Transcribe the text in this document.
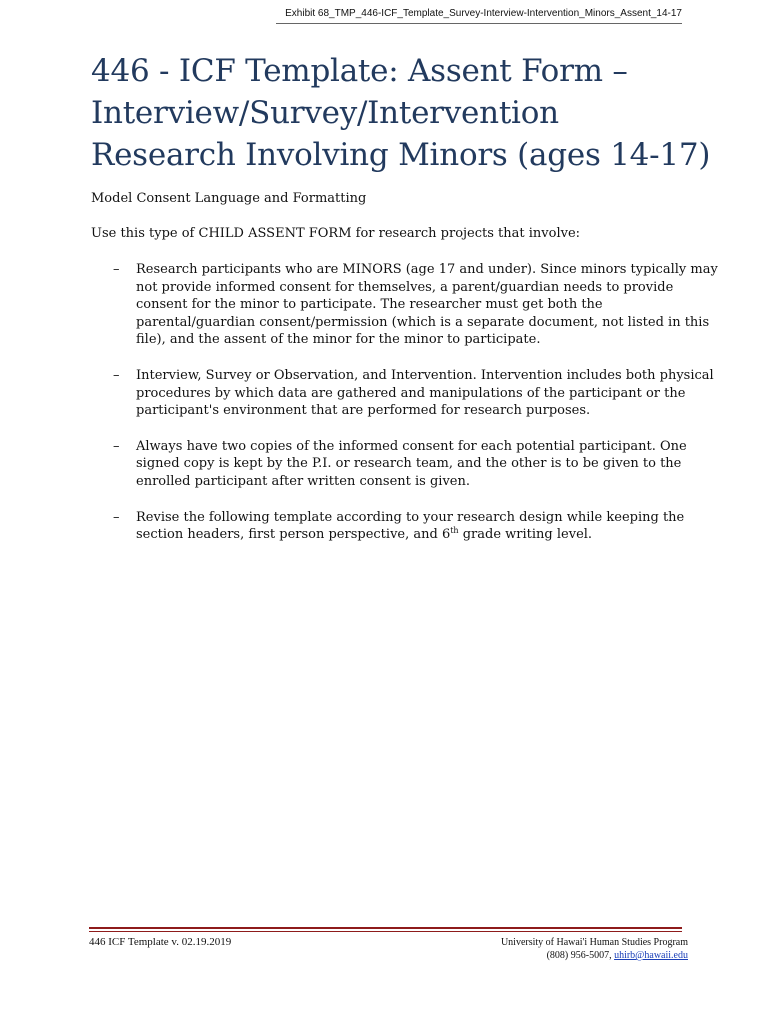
Exhibit 68_TMP_446-ICF_Template_Survey-Interview-Intervention_Minors_Assent_14-17
446 - ICF Template: Assent Form –
Interview/Survey/Intervention
Research Involving Minors (ages 14-17)

Model Consent Language and Formatting

Use this type of CHILD ASSENT FORM for research projects that involve:

–	Research participants who are MINORS (age 17 and under). Since minors typically may
not provide informed consent for themselves, a parent/guardian needs to provide
consent for the minor to participate. The researcher must get both the
parental/guardian consent/permission (which is a separate document, not listed in this
file), and the assent of the minor for the minor to participate.
–	Interview, Survey or Observation, and Intervention. Intervention includes both physical
procedures by which data are gathered and manipulations of the participant or the
participant's environment that are performed for research purposes.
–	Always have two copies of the informed consent for each potential participant. One
signed copy is kept by the P.I. or research team, and the other is to be given to the
enrolled participant after written consent is given.
–	Revise the following template according to your research design while keeping the
section headers, first person perspective, and 6th grade writing level.
446 ICF Template v. 02.19.2019	University of Hawai'i Human Studies Program
(808) 956-5007, uhirb@hawaii.edu
